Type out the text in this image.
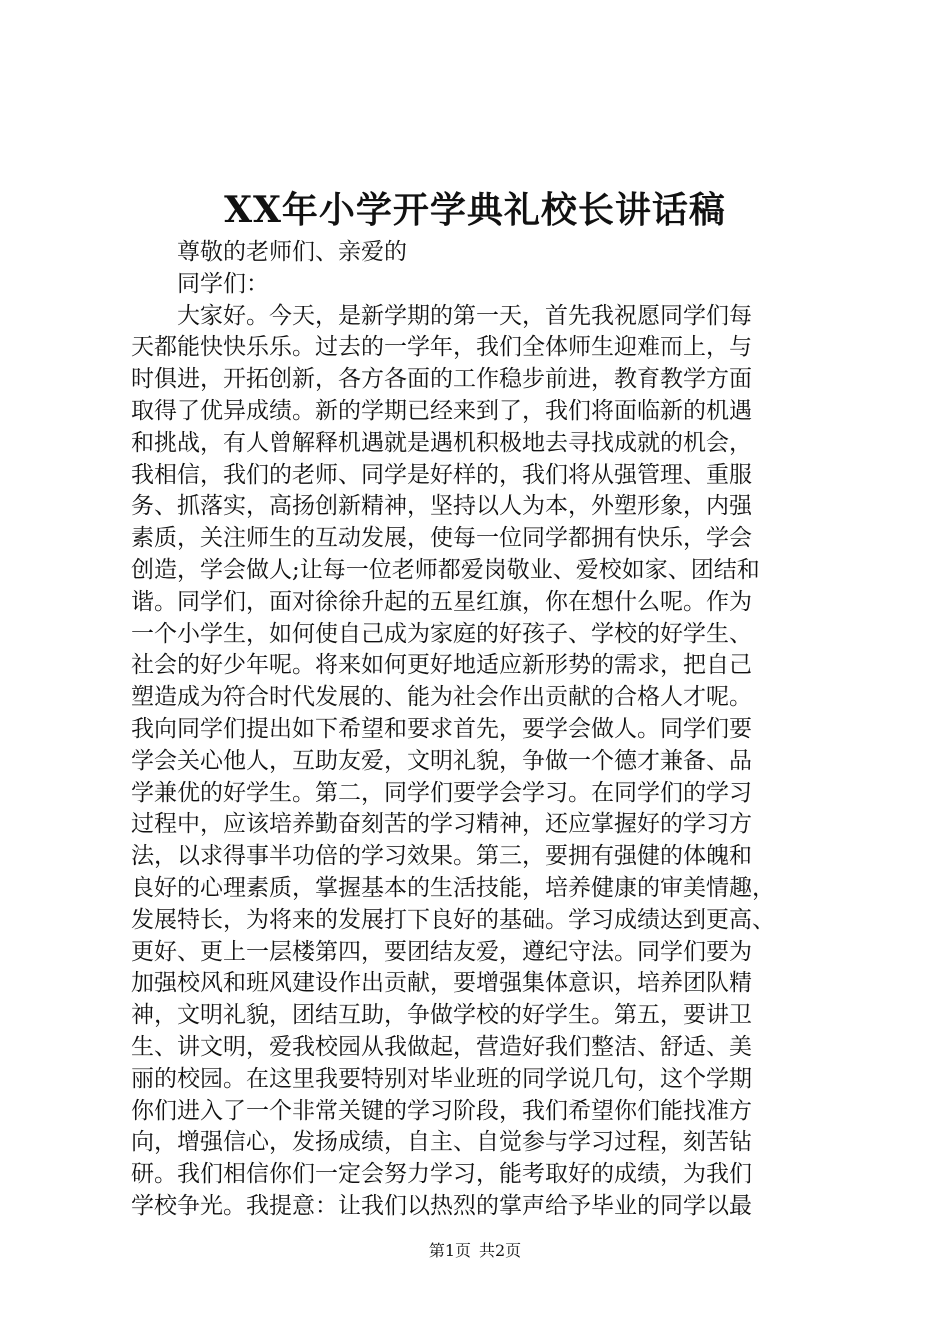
XX年小学开学典礼校长讲话稿
尊敬的老师们、亲爱的
同学们：
大家好。今天，是新学期的第一天，首先我祝愿同学们每
天都能快快乐乐。过去的一学年，我们全体师生迎难而上，与
时俱进，开拓创新，各方各面的工作稳步前进，教育教学方面
取得了优异成绩。新的学期已经来到了，我们将面临新的机遇
和挑战，有人曾解释机遇就是遇机积极地去寻找成就的机会，
我相信，我们的老师、同学是好样的，我们将从强管理、重服
务、抓落实，高扬创新精神，坚持以人为本，外塑形象，内强
素质，关注师生的互动发展，使每一位同学都拥有快乐，学会
创造，学会做人;让每一位老师都爱岗敬业、爱校如家、团结和
谐。同学们，面对徐徐升起的五星红旗，你在想什么呢。作为
一个小学生，如何使自己成为家庭的好孩子、学校的好学生、
社会的好少年呢。将来如何更好地适应新形势的需求，把自己
塑造成为符合时代发展的、能为社会作出贡献的合格人才呢。
我向同学们提出如下希望和要求首先，要学会做人。同学们要
学会关心他人，互助友爱，文明礼貌，争做一个德才兼备、品
学兼优的好学生。第二，同学们要学会学习。在同学们的学习
过程中，应该培养勤奋刻苦的学习精神，还应掌握好的学习方
法，以求得事半功倍的学习效果。第三，要拥有强健的体魄和
良好的心理素质，掌握基本的生活技能，培养健康的审美情趣，
发展特长，为将来的发展打下良好的基础。学习成绩达到更高、
更好、更上一层楼第四，要团结友爱，遵纪守法。同学们要为
加强校风和班风建设作出贡献，要增强集体意识，培养团队精
神，文明礼貌，团结互助，争做学校的好学生。第五，要讲卫
生、讲文明，爱我校园从我做起，营造好我们整洁、舒适、美
丽的校园。在这里我要特别对毕业班的同学说几句，这个学期
你们进入了一个非常关键的学习阶段，我们希望你们能找准方
向，增强信心，发扬成绩，自主、自觉参与学习过程，刻苦钻
研。我们相信你们一定会努力学习，能考取好的成绩，为我们
学校争光。我提意：让我们以热烈的掌声给予毕业的同学以最
第1页 共2页
